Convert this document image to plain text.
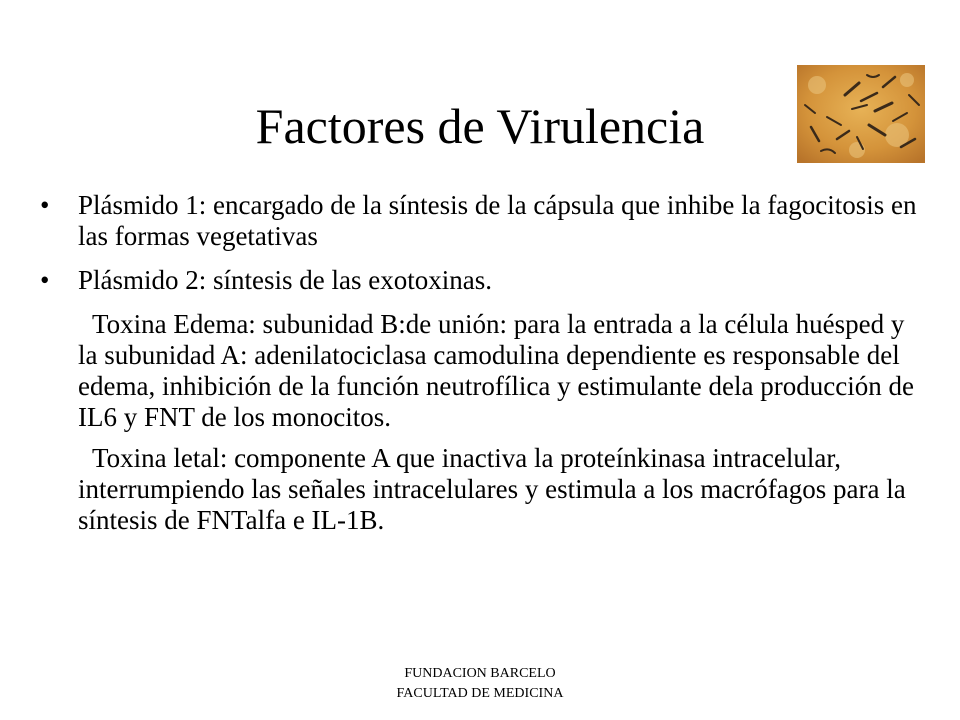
Factores de Virulencia
• Plásmido 1: encargado de la síntesis de la cápsula que inhibe la fagocitosis en las formas vegetativas
• Plásmido 2: síntesis de las exotoxinas.

Toxina Edema: subunidad B:de unión: para la entrada a la célula huésped y la subunidad A: adenilatociclasa camodulina dependiente es responsable del edema, inhibición de la función neutrofílica y estimulante dela producción de IL6 y FNT de los monocitos.

Toxina letal: componente A que inactiva la proteínkinasa intracelular, interrumpiendo las señales intracelulares y estimula a los macrófagos para la síntesis de FNTalfa e IL-1B.

FUNDACION BARCELO
FACULTAD DE MEDICINA
